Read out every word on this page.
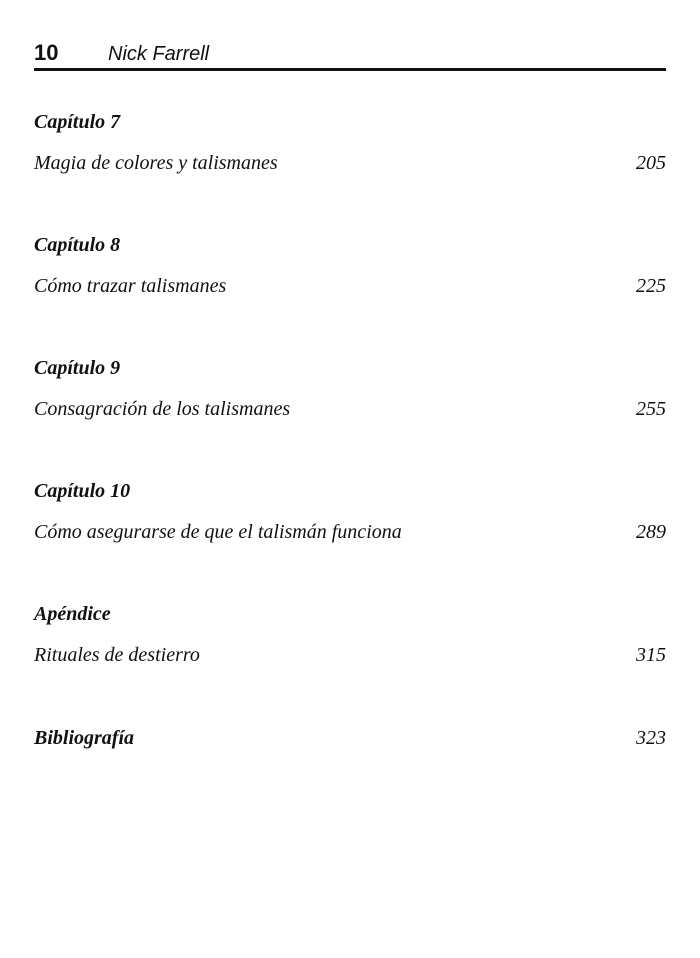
10 Nick Farrell
Capítulo 7
Magia de colores y talismanes	205
Capítulo 8
Cómo trazar talismanes	225
Capítulo 9
Consagración de los talismanes	255
Capítulo 10
Cómo asegurarse de que el talismán funciona	289
Apéndice
Rituales de destierro	315
Bibliografía	323
